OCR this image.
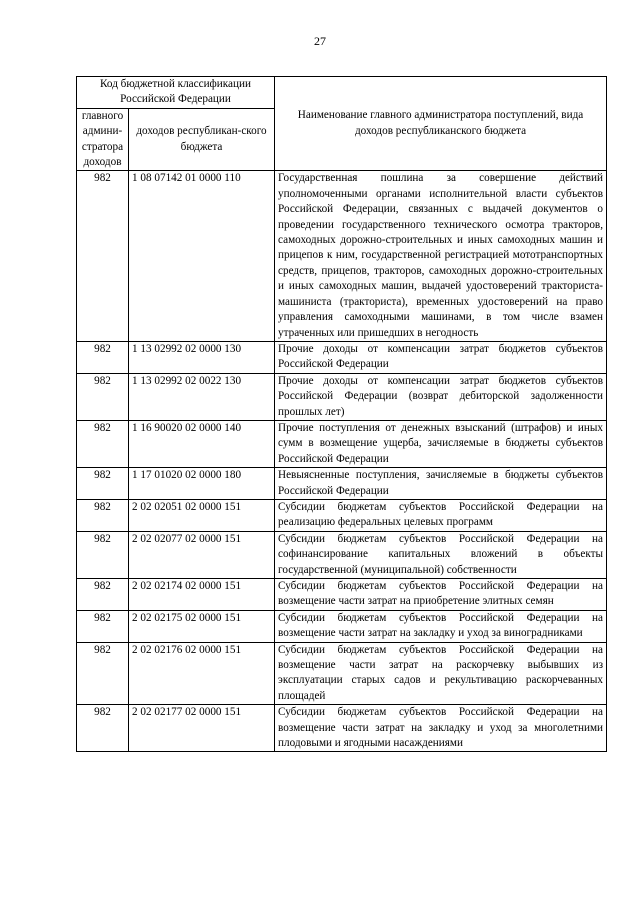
27
Код бюджетной классификации Российской Федерации		Наименование главного администратора поступлений, вида доходов республиканского бюджета
главного админи-стратора доходов	доходов республикан-ского бюджета	
982	1 08 07142 01 0000 110	Государственная пошлина за совершение действий уполномоченными органами исполнительной власти субъектов Российской Федерации, связанных с выдачей документов о проведении государственного технического осмотра тракторов, самоходных дорожно-строительных и иных самоходных машин и прицепов к ним, государственной регистрацией мототранспортных средств, прицепов, тракторов, самоходных дорожно-строительных и иных самоходных машин, выдачей удостоверений тракториста-машиниста (тракториста), временных удостоверений на право управления самоходными машинами, в том числе взамен утраченных или пришедших в негодность
982	1 13 02992 02 0000 130	Прочие доходы от компенсации затрат бюджетов субъектов Российской Федерации
982	1 13 02992 02 0022 130	Прочие доходы от компенсации затрат бюджетов субъектов Российской Федерации (возврат дебиторской задолженности прошлых лет)
982	1 16 90020 02 0000 140	Прочие поступления от денежных взысканий (штрафов) и иных сумм в возмещение ущерба, зачисляемые в бюджеты субъектов Российской Федерации
982	1 17 01020 02 0000 180	Невыясненные поступления, зачисляемые в бюджеты субъектов Российской Федерации
982	2 02 02051 02 0000 151	Субсидии бюджетам субъектов Российской Федерации на реализацию федеральных целевых программ
982	2 02 02077 02 0000 151	Субсидии бюджетам субъектов Российской Федерации на софинансирование капитальных вложений в объекты государственной (муниципальной) собственности
982	2 02 02174 02 0000 151	Субсидии бюджетам субъектов Российской Федерации на возмещение части затрат на приобретение элитных семян
982	2 02 02175 02 0000 151	Субсидии бюджетам субъектов Российской Федерации на возмещение части затрат на закладку и уход за виноградниками
982	2 02 02176 02 0000 151	Субсидии бюджетам субъектов Российской Федерации на возмещение части затрат на раскорчевку выбывших из эксплуатации старых садов и рекультивацию раскорчеванных площадей
982	2 02 02177 02 0000 151	Субсидии бюджетам субъектов Российской Федерации на возмещение части затрат на закладку и уход за многолетними плодовыми и ягодными насаждениями
